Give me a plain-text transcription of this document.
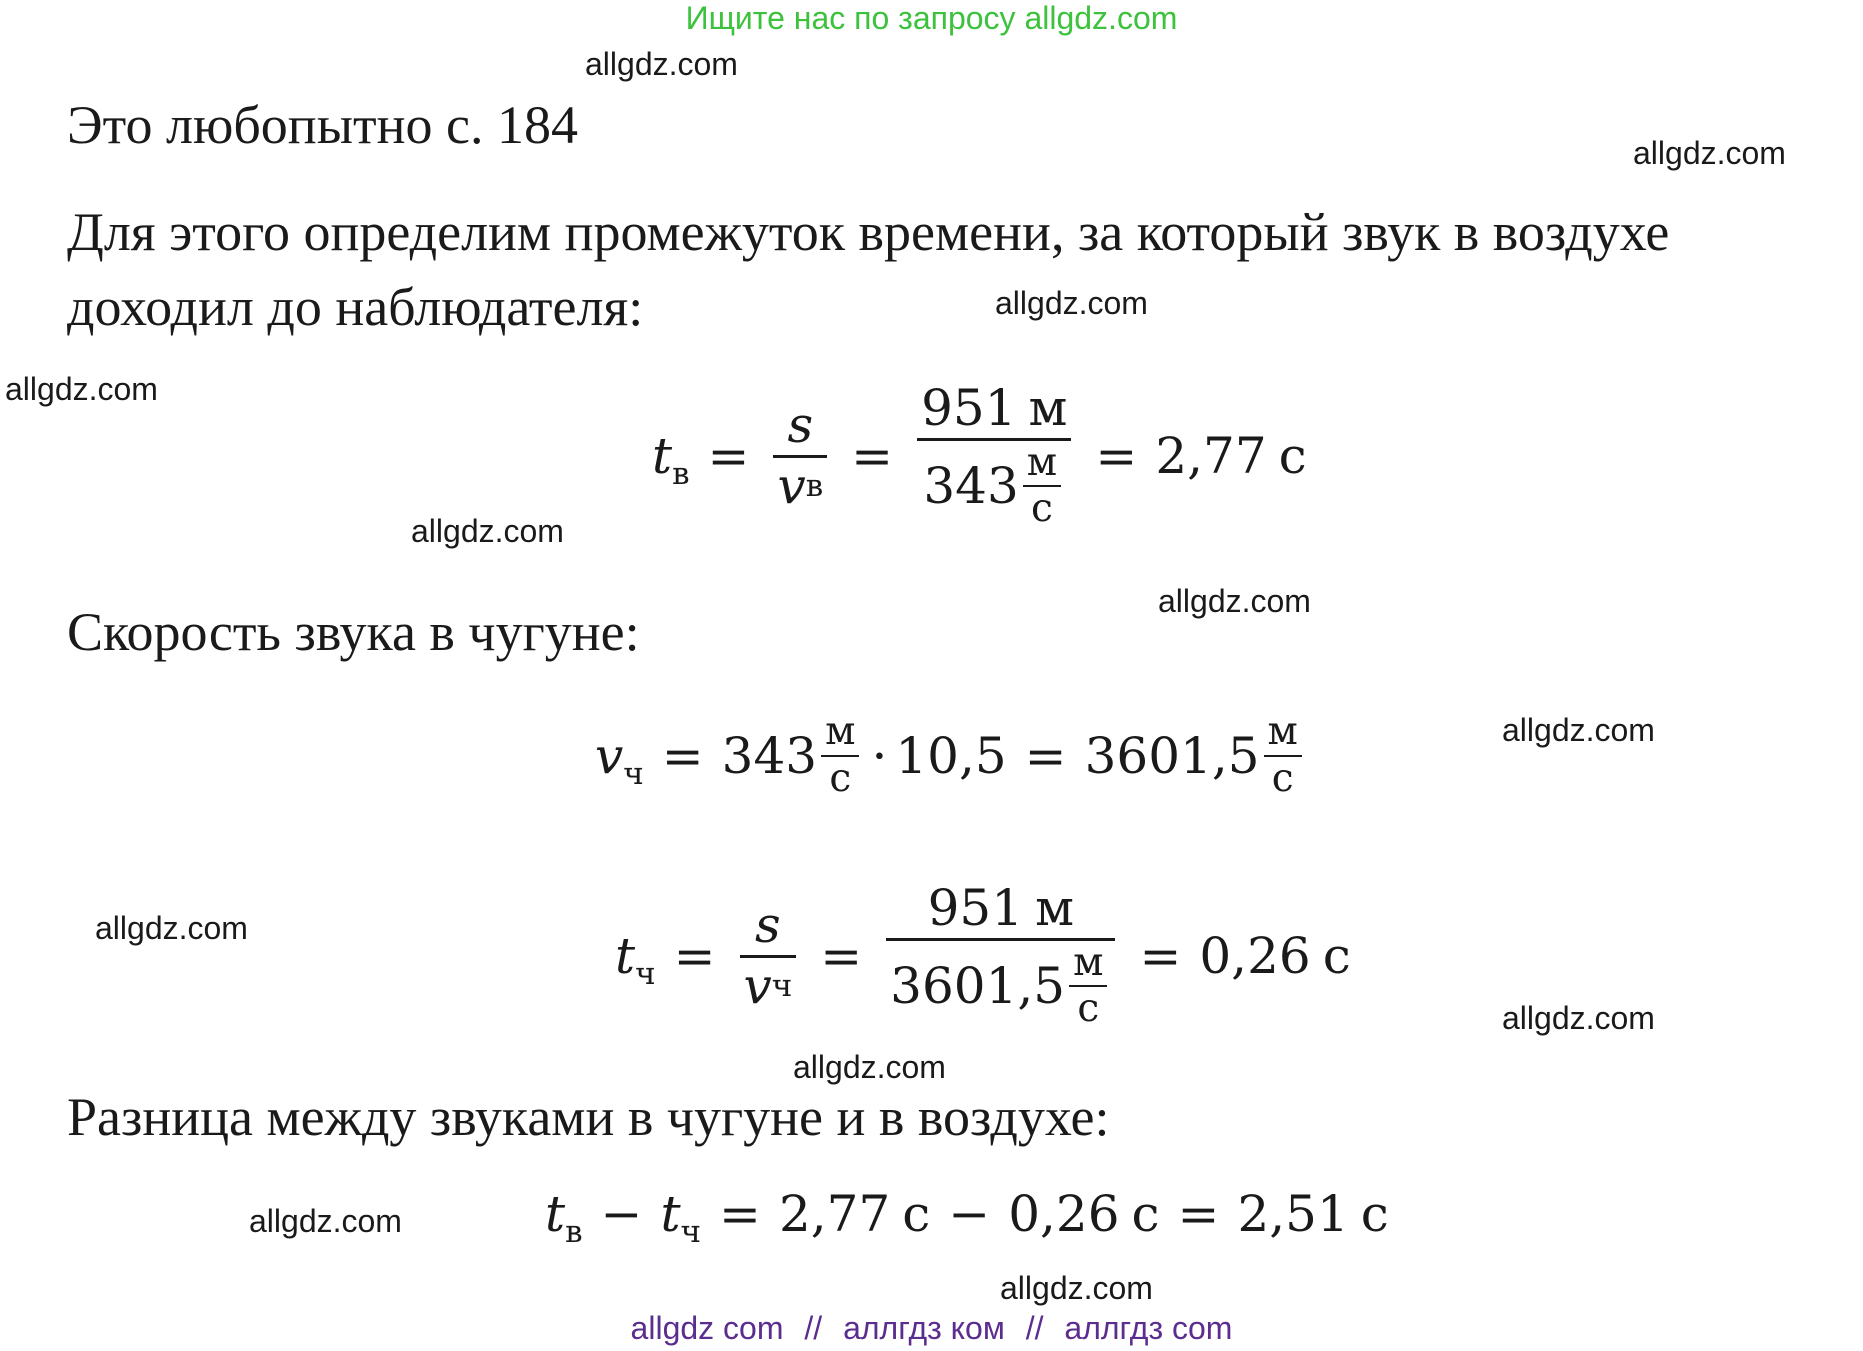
Ищите нас по запросу allgdz.com
allgdz.com
allgdz.com
allgdz.com
allgdz.com
allgdz.com
allgdz.com
allgdz.com
allgdz.com
allgdz.com
allgdz.com
allgdz.com
allgdz.com
Это любопытно с. 184
Для этого определим промежуток времени, за который звук в воздухе доходил до наблюдателя:
$t_в = \frac{s}{\text{v в}} = \frac{951 м}{343 \frac{м}{с}} = 2,77$ с
Скорость звука в чугуне:
$v_ч = 343 \frac{м}{с} \cdot 10,5 = 3601,5 \frac{м}{с}$
$t_ч = \frac{s}{\text{v ч}} = \frac{951 м}{3601,5 \frac{м}{с}} = 0,26$ с
Разница между звуками в чугуне и в воздухе:
$t_в - t_ч = 2,77$ с − 0,26 с = 2,51 с
allgdz com // аллгдз ком // аллгдз com
